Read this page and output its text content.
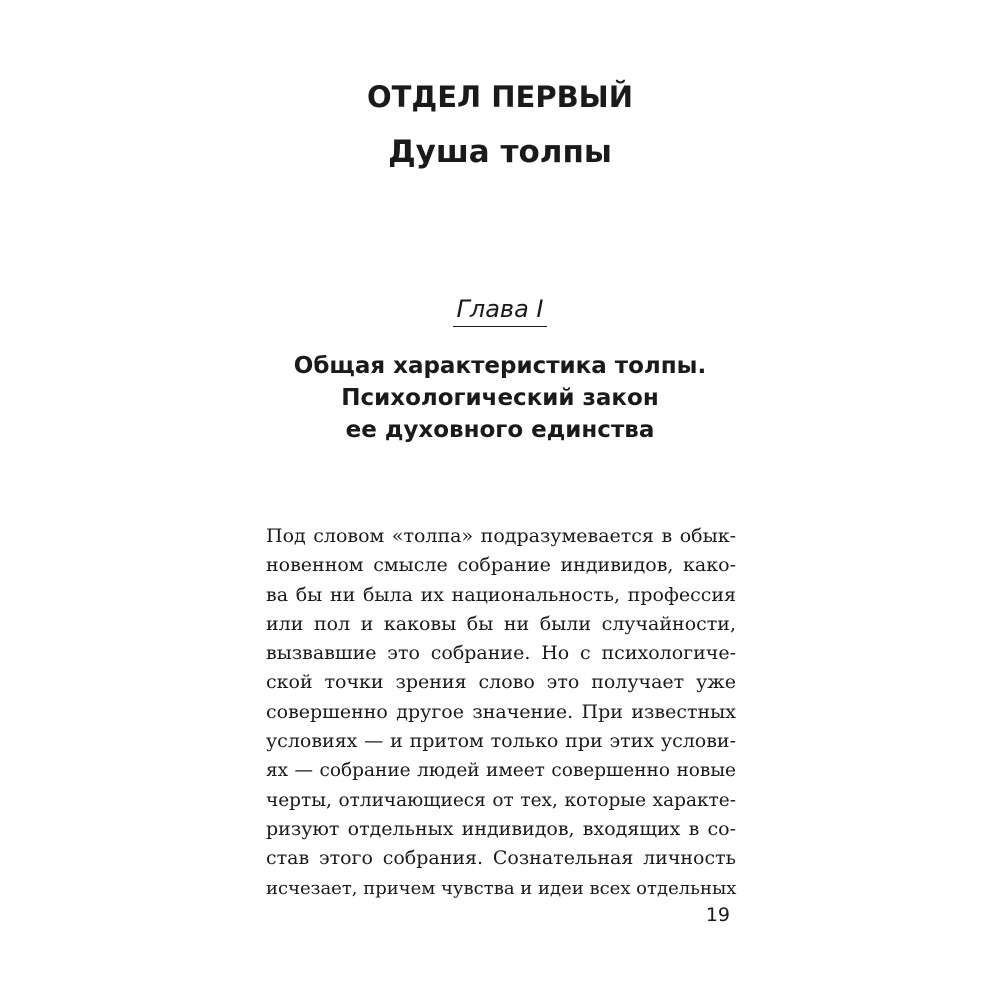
ОТДЕЛ ПЕРВЫЙ
Душа толпы
Глава I
Общая характеристика толпы.
Психологический закон
ее духовного единства
Под словом «толпа» подразумевается в обык-
новенном смысле собрание индивидов, како-
ва бы ни была их национальность, профессия
или пол и каковы бы ни были случайности,
вызвавшие это собрание. Но с психологиче-
ской точки зрения слово это получает уже
совершенно другое значение. При известных
условиях — и притом только при этих услови-
ях — собрание людей имеет совершенно новые
черты, отличающиеся от тех, которые характе-
ризуют отдельных индивидов, входящих в со-
став этого собрания. Сознательная личность
исчезает, причем чувства и идеи всех отдельных
19
